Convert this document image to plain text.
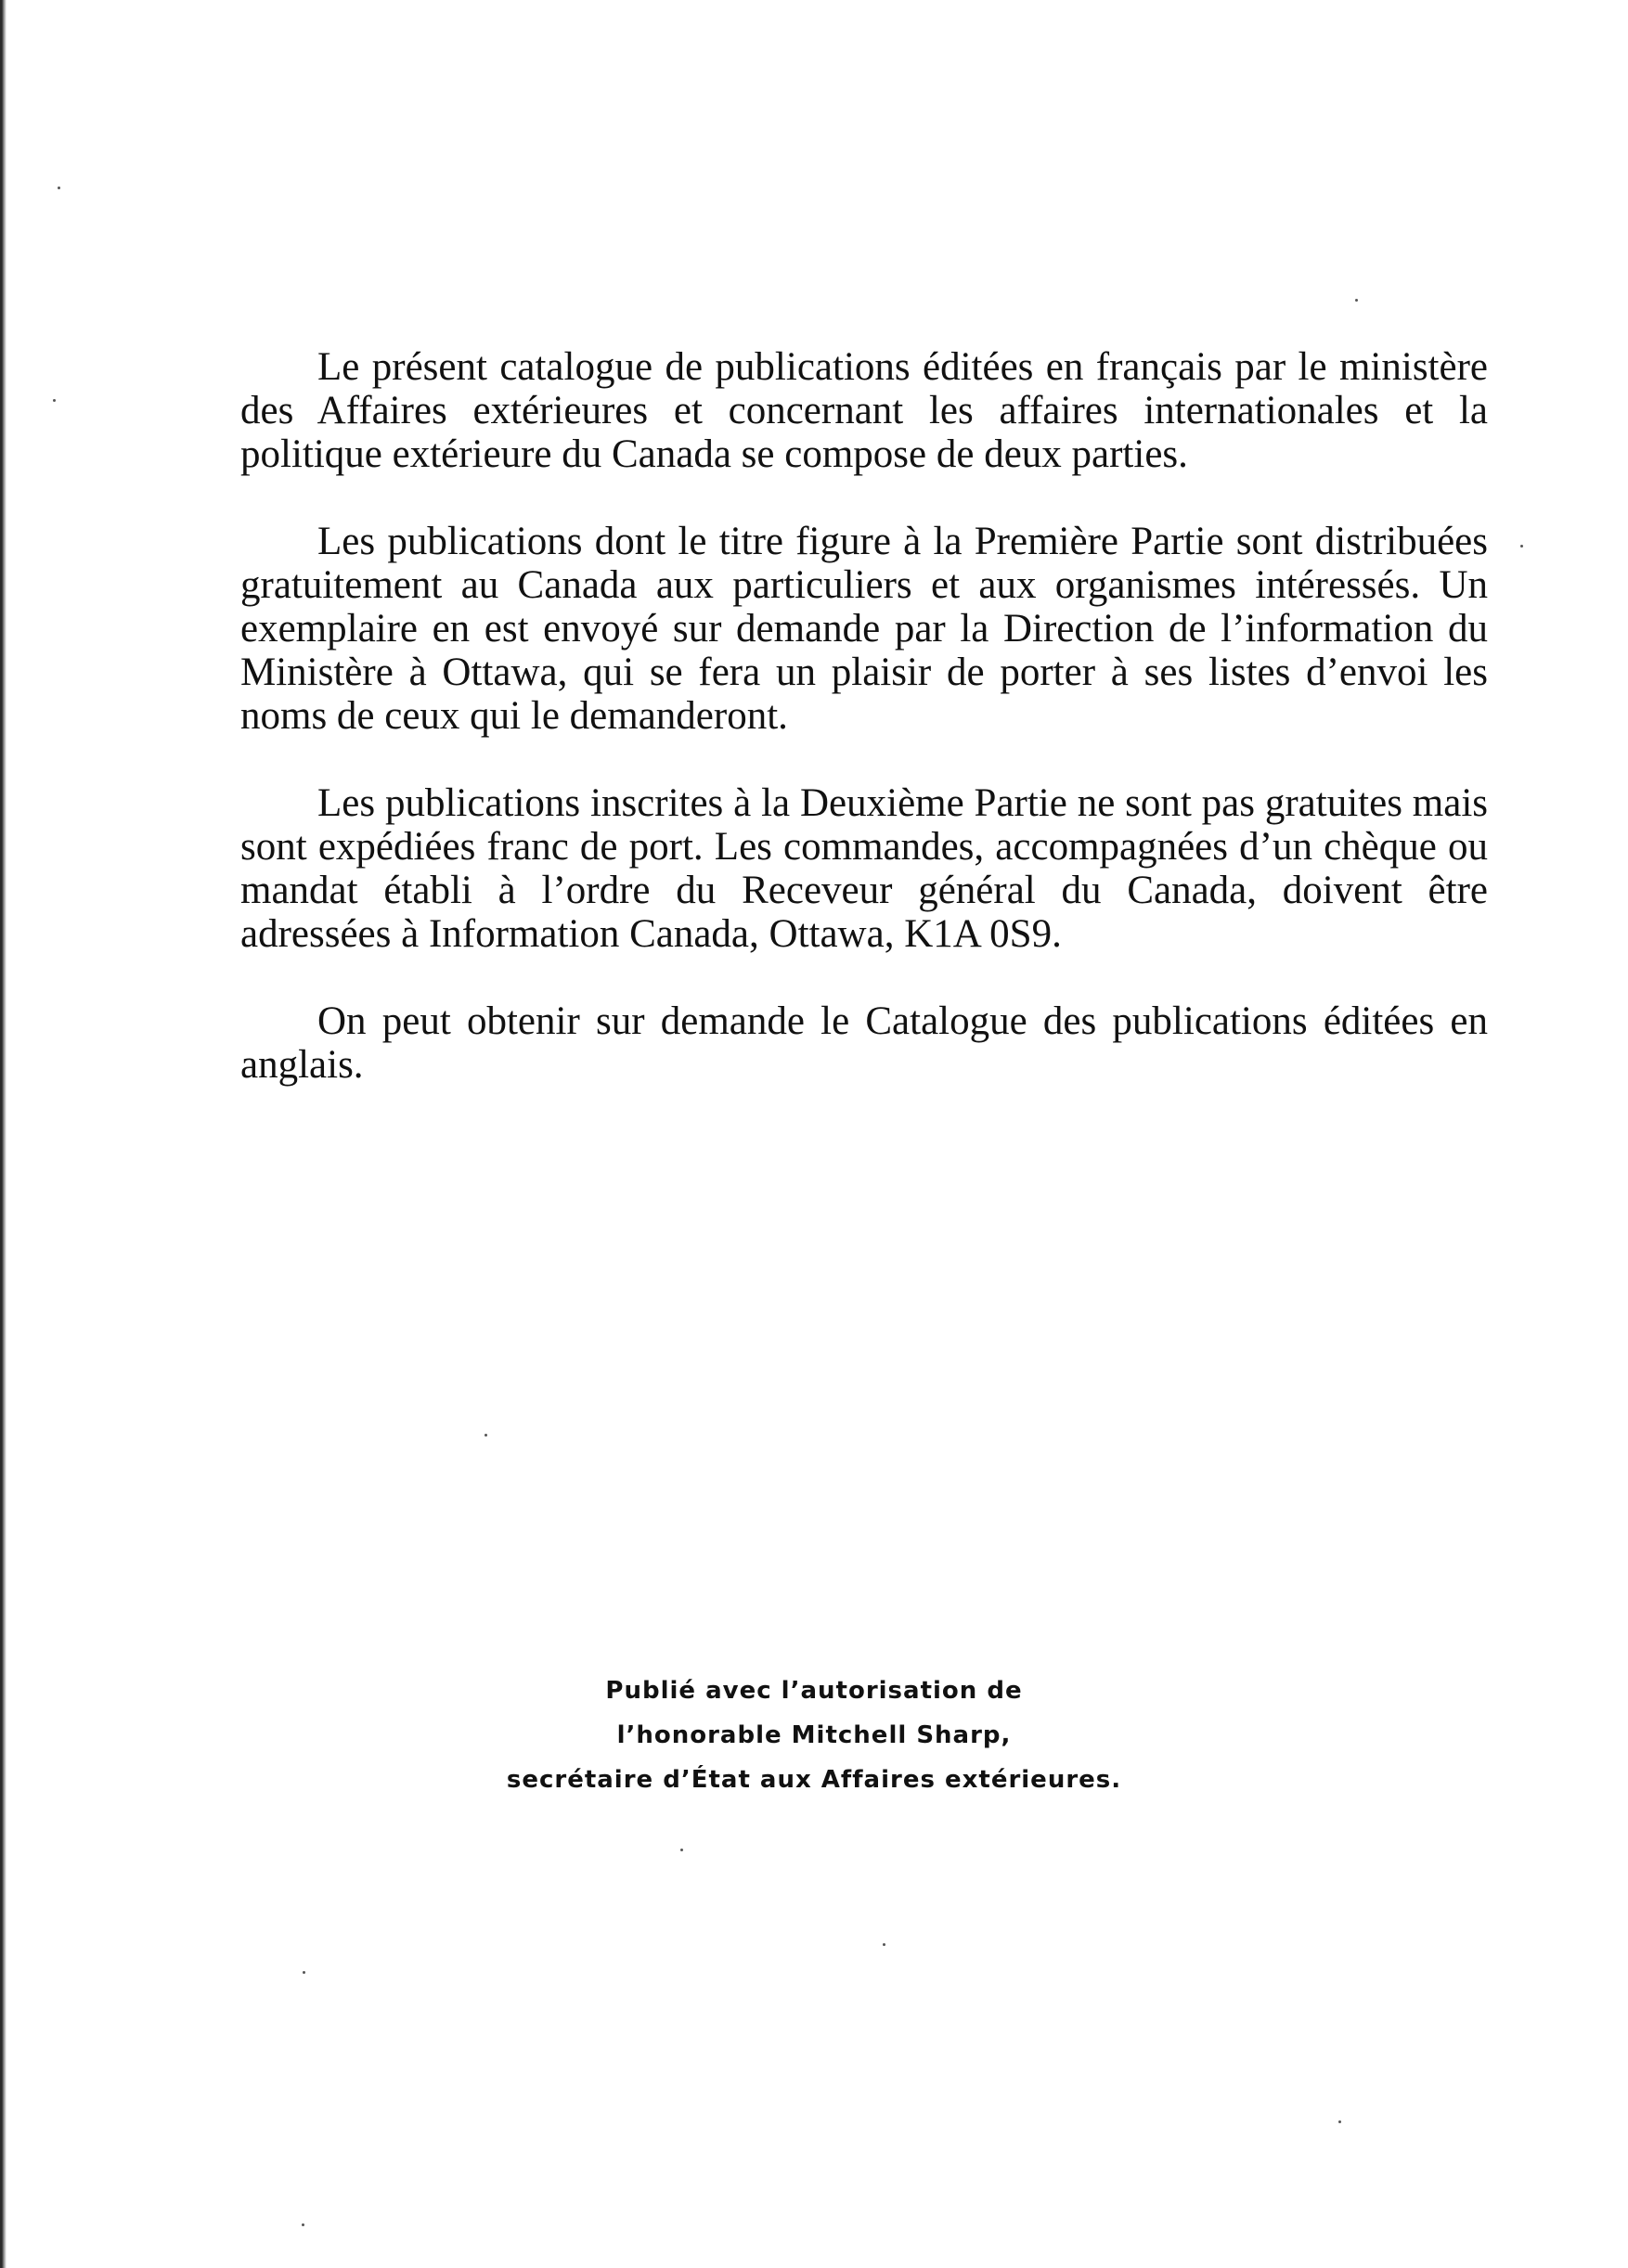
Le présent catalogue de publications éditées en français par le ministère des Affaires extérieures et concernant les affaires internationales et la politique extérieure du Canada se compose de deux parties.

Les publications dont le titre figure à la Première Partie sont distribuées gratuitement au Canada aux particuliers et aux organismes intéressés. Un exemplaire en est envoyé sur demande par la Direction de l’information du Ministère à Ottawa, qui se fera un plaisir de porter à ses listes d’envoi les noms de ceux qui le demanderont.

Les publications inscrites à la Deuxième Partie ne sont pas gratuites mais sont expédiées franc de port. Les commandes, accompagnées d’un chèque ou mandat établi à l’ordre du Receveur général du Canada, doivent être adressées à Information Canada, Ottawa, K1A 0S9.

On peut obtenir sur demande le Catalogue des publications éditées en anglais.

Publié avec l’autorisation de
l’honorable Mitchell Sharp,
secrétaire d’État aux Affaires extérieures.
